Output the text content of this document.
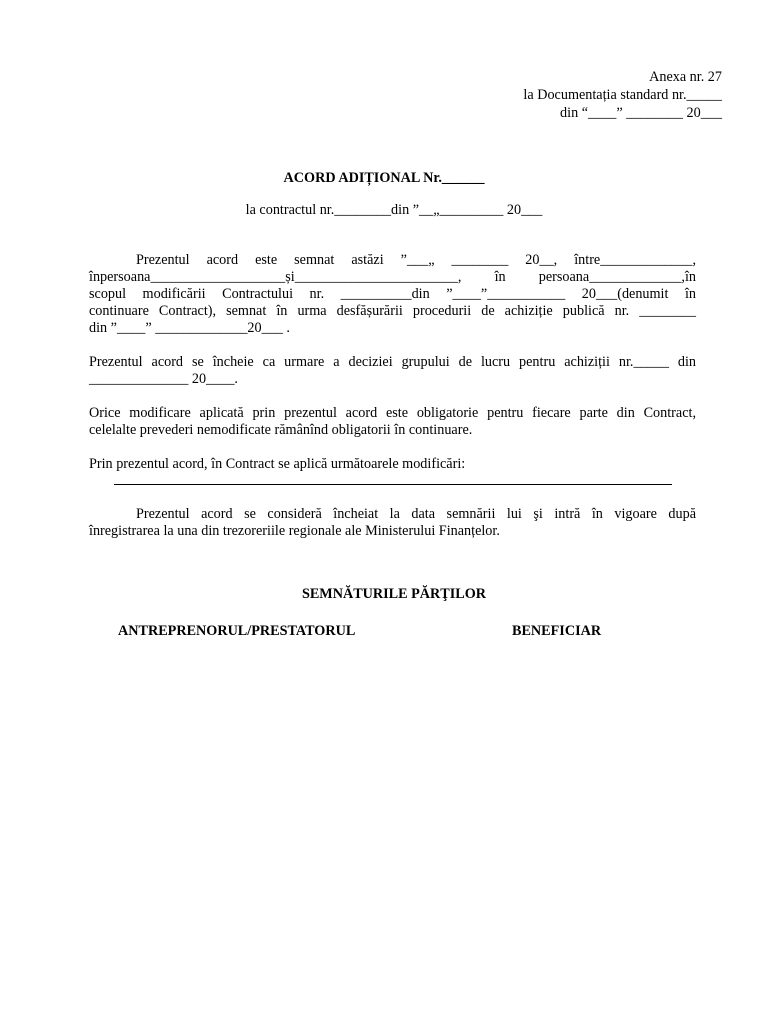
Anexa nr. 27
la Documentația standard nr._____
din “____” ________ 20___
ACORD ADIȚIONAL Nr.______
la contractul nr.________din ”__„_________ 20___
Prezentul acord este semnat astăzi ”___„ ________ 20__, între_____________,
înpersoana___________________și_______________________, în persoana_____________,în
scopul modificării Contractului nr. __________din ”____”___________ 20___(denumit în
continuare Contract), semnat în urma desfășurării procedurii de achiziție publică nr. ________
din ”____” _____________20___ .
Prezentul acord se încheie ca urmare a deciziei grupului de lucru pentru achiziții nr._____ din
______________ 20____.
Orice modificare aplicată prin prezentul acord este obligatorie pentru fiecare parte din Contract,
celelalte prevederi nemodificate rămânînd obligatorii în continuare.
Prin prezentul acord, în Contract se aplică următoarele modificări:
Prezentul acord se consideră încheiat la data semnării lui şi intră în vigoare după
înregistrarea la una din trezoreriile regionale ale Ministerului Finanțelor.
SEMNĂTURILE PĂRŢILOR
ANTREPRENORUL/PRESTATORUL	BENEFICIAR
